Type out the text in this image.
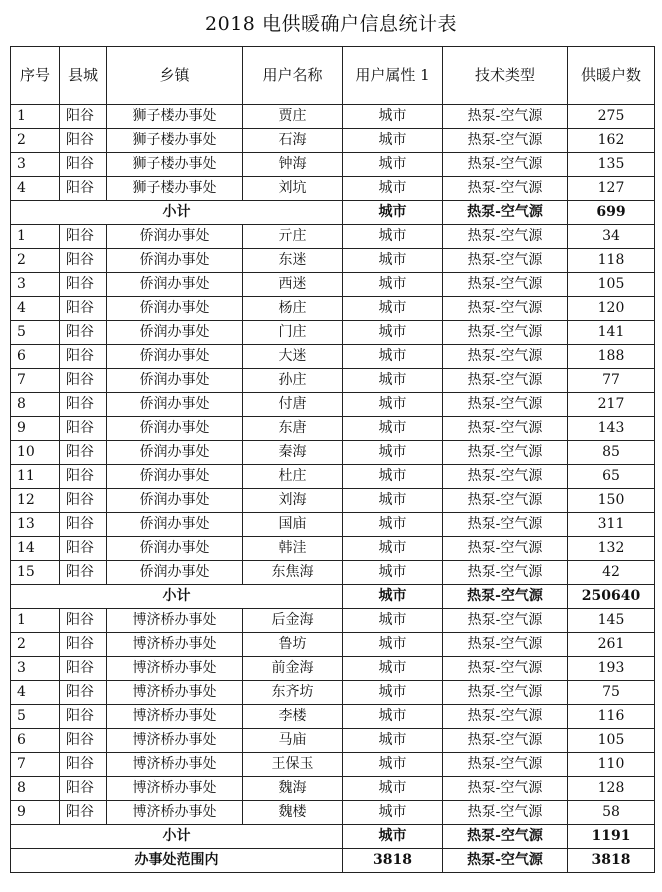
2018 电供暖确户信息统计表
序号	县城	乡镇	用户名称	用户属性 1	技术类型	供暖户数
1	阳谷	狮子楼办事处	贾庄	城市	热泵-空气源	275
2	阳谷	狮子楼办事处	石海	城市	热泵-空气源	162
3	阳谷	狮子楼办事处	钟海	城市	热泵-空气源	135
4	阳谷	狮子楼办事处	刘坑	城市	热泵-空气源	127
小计				城市	热泵-空气源	699
1	阳谷	侨润办事处	亓庄	城市	热泵-空气源	34
2	阳谷	侨润办事处	东迷	城市	热泵-空气源	118
3	阳谷	侨润办事处	西迷	城市	热泵-空气源	105
4	阳谷	侨润办事处	杨庄	城市	热泵-空气源	120
5	阳谷	侨润办事处	门庄	城市	热泵-空气源	141
6	阳谷	侨润办事处	大迷	城市	热泵-空气源	188
7	阳谷	侨润办事处	孙庄	城市	热泵-空气源	77
8	阳谷	侨润办事处	付唐	城市	热泵-空气源	217
9	阳谷	侨润办事处	东唐	城市	热泵-空气源	143
10	阳谷	侨润办事处	秦海	城市	热泵-空气源	85
11	阳谷	侨润办事处	杜庄	城市	热泵-空气源	65
12	阳谷	侨润办事处	刘海	城市	热泵-空气源	150
13	阳谷	侨润办事处	国庙	城市	热泵-空气源	311
14	阳谷	侨润办事处	韩洼	城市	热泵-空气源	132
15	阳谷	侨润办事处	东焦海	城市	热泵-空气源	42
小计				城市	热泵-空气源	250640
1	阳谷	博济桥办事处	后金海	城市	热泵-空气源	145
2	阳谷	博济桥办事处	鲁坊	城市	热泵-空气源	261
3	阳谷	博济桥办事处	前金海	城市	热泵-空气源	193
4	阳谷	博济桥办事处	东齐坊	城市	热泵-空气源	75
5	阳谷	博济桥办事处	李楼	城市	热泵-空气源	116
6	阳谷	博济桥办事处	马庙	城市	热泵-空气源	105
7	阳谷	博济桥办事处	王保玉	城市	热泵-空气源	110
8	阳谷	博济桥办事处	魏海	城市	热泵-空气源	128
9	阳谷	博济桥办事处	魏楼	城市	热泵-空气源	58
小计				城市	热泵-空气源	1191
办事处范围内				3818	热泵-空气源	3818
